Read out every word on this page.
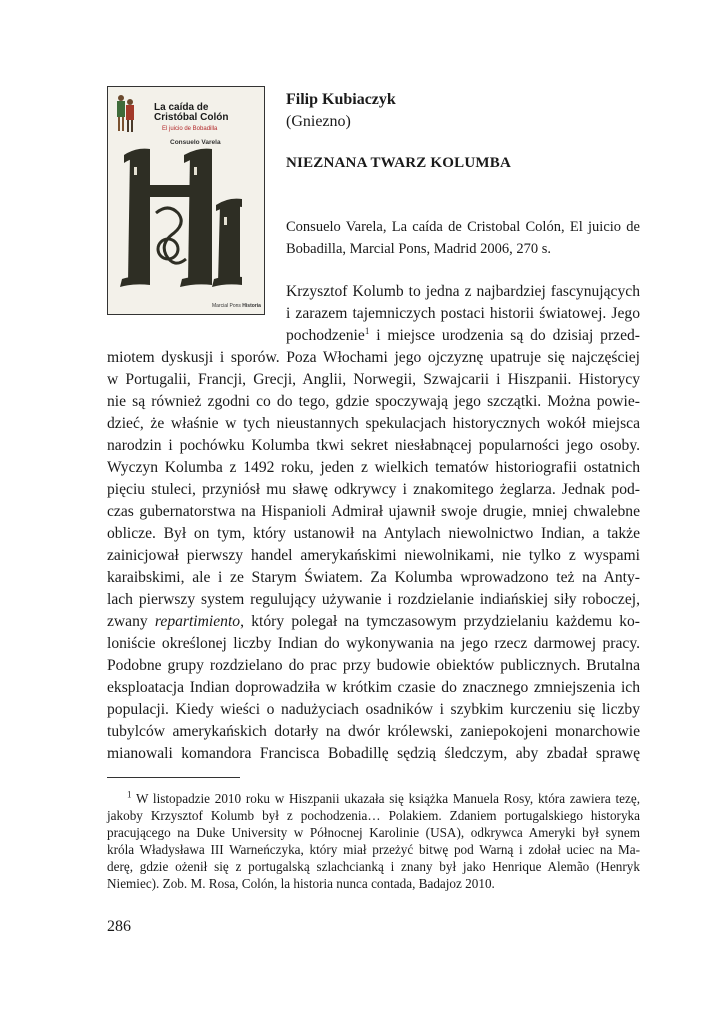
La caída de
Cristóbal Colón
El juicio de Bobadilla
Consuelo Varela
Marcial Pons Historia
Filip Kubiaczyk
(Gniezno)
NIEZNANA TWARZ KOLUMBA
Consuelo Varela, La caída de Cristobal Colón, El juicio de
Bobadilla, Marcial Pons, Madrid 2006, 270 s.
Krzysztof Kolumb to jedna z najbardziej fascynujących
i zarazem tajemniczych postaci historii światowej. Jego
pochodzenie$^1$ i miejsce urodzenia są do dzisiaj przed-
miotem dyskusji i sporów. Poza Włochami jego ojczyznę upatruje się najczęściej
w Portugalii, Francji, Grecji, Anglii, Norwegii, Szwajcarii i Hiszpanii. Historycy
nie są również zgodni co do tego, gdzie spoczywają jego szczątki. Można powie-
dzieć, że właśnie w tych nieustannych spekulacjach historycznych wokół miejsca
narodzin i pochówku Kolumba tkwi sekret niesłabnącej popularności jego osoby.
Wyczyn Kolumba z 1492 roku, jeden z wielkich tematów historiografii ostatnich
pięciu stuleci, przyniósł mu sławę odkrywcy i znakomitego żeglarza. Jednak pod-
czas gubernatorstwa na Hispanioli Admirał ujawnił swoje drugie, mniej chwalebne
oblicze. Był on tym, który ustanowił na Antylach niewolnictwo Indian, a także
zainicjował pierwszy handel amerykańskimi niewolnikami, nie tylko z wyspami
karaibskimi, ale i ze Starym Światem. Za Kolumba wprowadzono też na Anty-
lach pierwszy system regulujący używanie i rozdzielanie indiańskiej siły roboczej,
zwany repartimiento, który polegał na tymczasowym przydzielaniu każdemu ko-
loniście określonej liczby Indian do wykonywania na jego rzecz darmowej pracy.
Podobne grupy rozdzielano do prac przy budowie obiektów publicznych. Brutalna
eksploatacja Indian doprowadziła w krótkim czasie do znacznego zmniejszenia ich
populacji. Kiedy wieści o nadużyciach osadników i szybkim kurczeniu się liczby
tubylców amerykańskich dotarły na dwór królewski, zaniepokojeni monarchowie
mianowali komandora Francisca Bobadillę sędzią śledczym, aby zbadał sprawę
$^1$ W listopadzie 2010 roku w Hiszpanii ukazała się książka Manuela Rosy, która zawiera tezę,
jakoby Krzysztof Kolumb był z pochodzenia… Polakiem. Zdaniem portugalskiego historyka
pracującego na Duke University w Północnej Karolinie (USA), odkrywca Ameryki był synem
króla Władysława III Warneńczyka, który miał przeżyć bitwę pod Warną i zdołał uciec na Ma-
derę, gdzie ożenił się z portugalską szlachcianką i znany był jako Henrique Alemão (Henryk
Niemiec). Zob. M. Rosa, Colón, la historia nunca contada, Badajoz 2010.
286
